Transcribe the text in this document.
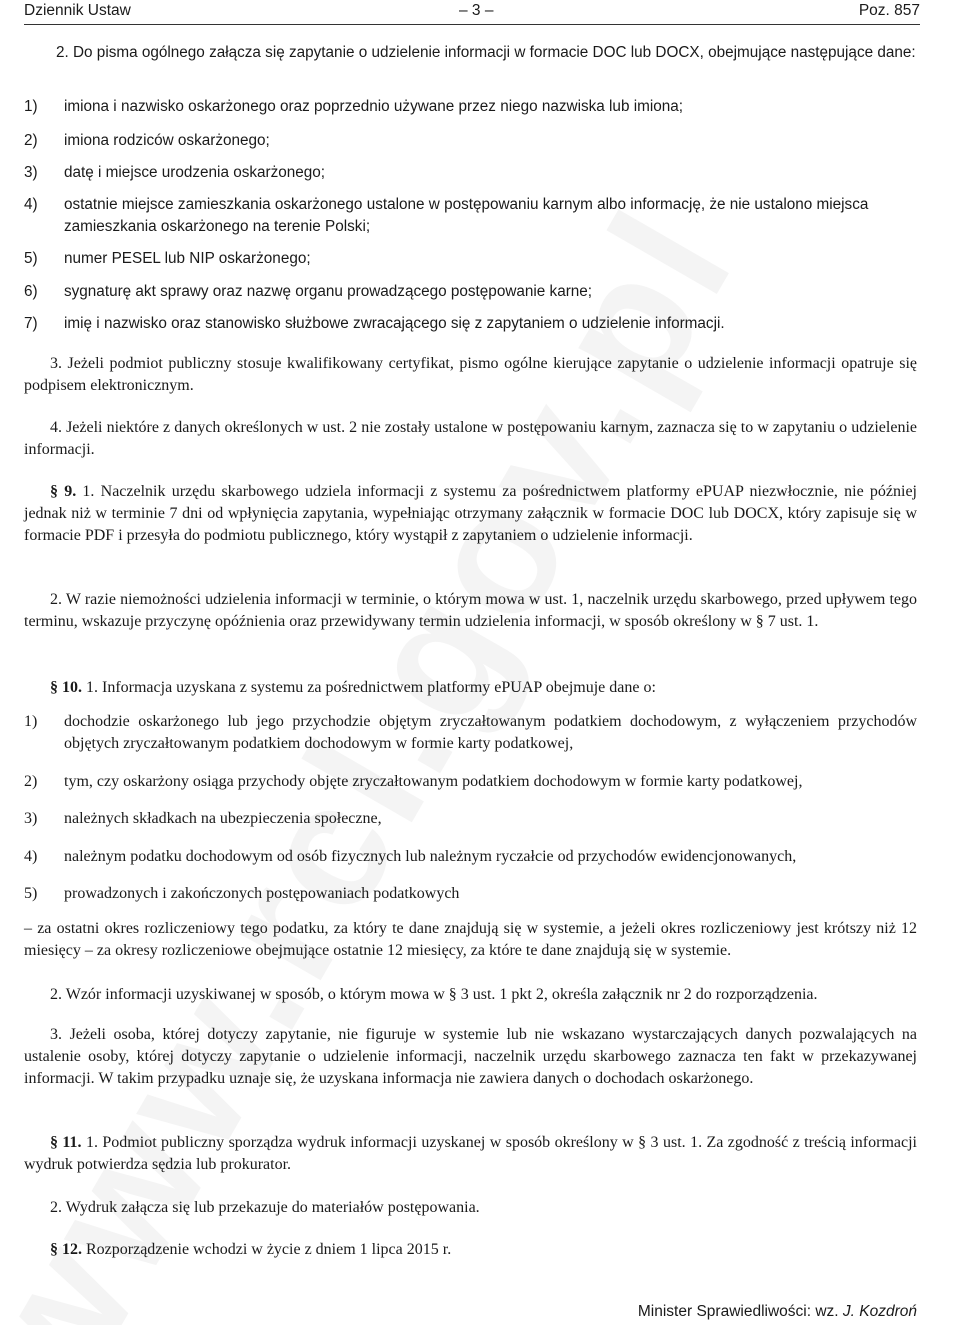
Dziennik Ustaw	– 3 –	Poz. 857

2. Do pisma ogólnego załącza się zapytanie o udzielenie informacji w formacie DOC lub DOCX, obejmujące następujące dane:

1) imiona i nazwisko oskarżonego oraz poprzednio używane przez niego nazwiska lub imiona;
2) imiona rodziców oskarżonego;
3) datę i miejsce urodzenia oskarżonego;
4) ostatnie miejsce zamieszkania oskarżonego ustalone w postępowaniu karnym albo informację, że nie ustalono miejsca zamieszkania oskarżonego na terenie Polski;
5) numer PESEL lub NIP oskarżonego;
6) sygnaturę akt sprawy oraz nazwę organu prowadzącego postępowanie karne;
7) imię i nazwisko oraz stanowisko służbowe zwracającego się z zapytaniem o udzielenie informacji.

3. Jeżeli podmiot publiczny stosuje kwalifikowany certyfikat, pismo ogólne kierujące zapytanie o udzielenie informacji opatruje się podpisem elektronicznym.

4. Jeżeli niektóre z danych określonych w ust. 2 nie zostały ustalone w postępowaniu karnym, zaznacza się to w zapytaniu o udzielenie informacji.

§ 9. 1. Naczelnik urzędu skarbowego udziela informacji z systemu za pośrednictwem platformy ePUAP niezwłocznie, nie później jednak niż w terminie 7 dni od wpłynięcia zapytania, wypełniając otrzymany załącznik w formacie DOC lub DOCX, który zapisuje się w formacie PDF i przesyła do podmiotu publicznego, który wystąpił z zapytaniem o udzielenie informacji.

2. W razie niemożności udzielenia informacji w terminie, o którym mowa w ust. 1, naczelnik urzędu skarbowego, przed upływem tego terminu, wskazuje przyczynę opóźnienia oraz przewidywany termin udzielenia informacji, w sposób określony w § 7 ust. 1.

§ 10. 1. Informacja uzyskana z systemu za pośrednictwem platformy ePUAP obejmuje dane o:

1) dochodzie oskarżonego lub jego przychodzie objętym zryczałtowanym podatkiem dochodowym, z wyłączeniem przychodów objętych zryczałtowanym podatkiem dochodowym w formie karty podatkowej,
2) tym, czy oskarżony osiąga przychody objęte zryczałtowanym podatkiem dochodowym w formie karty podatkowej,
3) należnych składkach na ubezpieczenia społeczne,
4) należnym podatku dochodowym od osób fizycznych lub należnym ryczałcie od przychodów ewidencjonowanych,
5) prowadzonych i zakończonych postępowaniach podatkowych

– za ostatni okres rozliczeniowy tego podatku, za który te dane znajdują się w systemie, a jeżeli okres rozliczeniowy jest krótszy niż 12 miesięcy – za okresy rozliczeniowe obejmujące ostatnie 12 miesięcy, za które te dane znajdują się w systemie.

2. Wzór informacji uzyskiwanej w sposób, o którym mowa w § 3 ust. 1 pkt 2, określa załącznik nr 2 do rozporządzenia.

3. Jeżeli osoba, której dotyczy zapytanie, nie figuruje w systemie lub nie wskazano wystarczających danych pozwalających na ustalenie osoby, której dotyczy zapytanie o udzielenie informacji, naczelnik urzędu skarbowego zaznacza ten fakt w przekazywanej informacji. W takim przypadku uznaje się, że uzyskana informacja nie zawiera danych o dochodach oskarżonego.

§ 11. 1. Podmiot publiczny sporządza wydruk informacji uzyskanej w sposób określony w § 3 ust. 1. Za zgodność z treścią informacji wydruk potwierdza sędzia lub prokurator.

2. Wydruk załącza się lub przekazuje do materiałów postępowania.

§ 12. Rozporządzenie wchodzi w życie z dniem 1 lipca 2015 r.

Minister Sprawiedliwości: wz. J. Kozdroń
